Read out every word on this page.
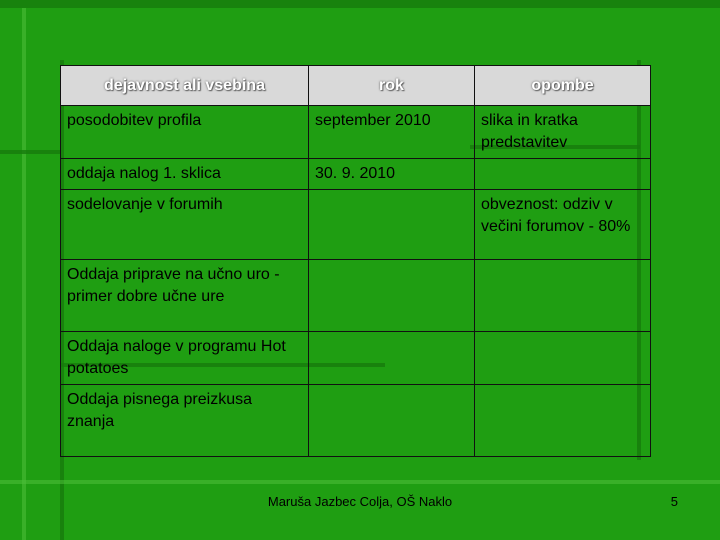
dejavnost ali vsebina	rok	opombe
posodobitev profila	september 2010	slika in kratka predstavitev
oddaja nalog 1. sklica	30. 9. 2010	
sodelovanje v forumih		obveznost: odziv v večini forumov - 80%
Oddaja priprave na učno uro - primer dobre učne ure		
Oddaja naloge v programu Hot potatoes		
Oddaja pisnega preizkusa znanja		
Maruša Jazbec Colja, OŠ Naklo	5
